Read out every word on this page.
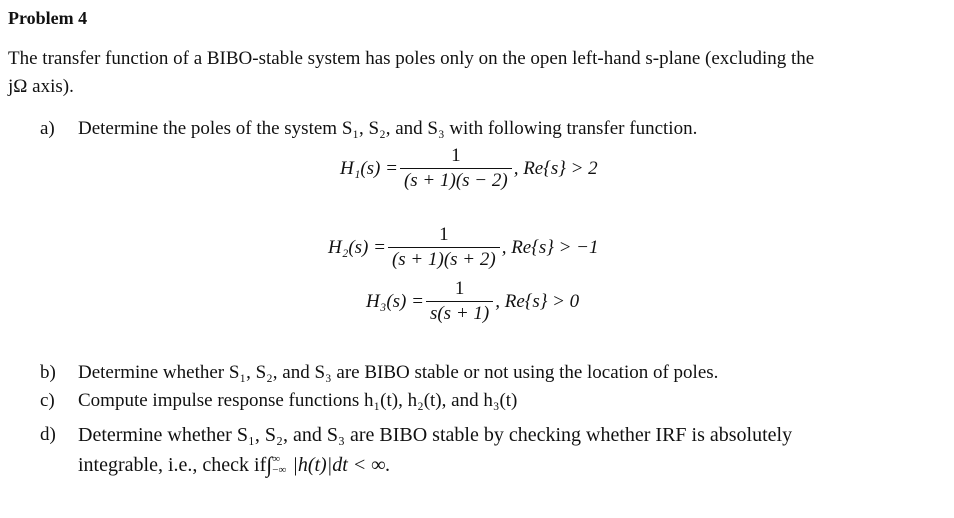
Problem 4
The transfer function of a BIBO-stable system has poles only on the open left-hand s-plane (excluding the
jΩ axis).
a) Determine the poles of the system S₁, S₂, and S₃ with following transfer function.
$H_1(s) = \frac{1}{(s + 1)(s - 2)}$ , Re{s} > 2
$H_2(s) = \frac{1}{(s + 1)(s + 2)}$ , Re{s} > −1
$H_3(s) = \frac{1}{s(s + 1)}$ , Re{s} > 0
b) Determine whether S₁, S₂, and S₃ are BIBO stable or not using the location of poles.
c) Compute impulse response functions h₁(t), h₂(t), and h₃(t)
d) Determine whether S₁, S₂, and S₃ are BIBO stable by checking whether IRF is absolutely
integrable, i.e., check if ∫ ∞
−∞ |h(t)|dt < ∞.
